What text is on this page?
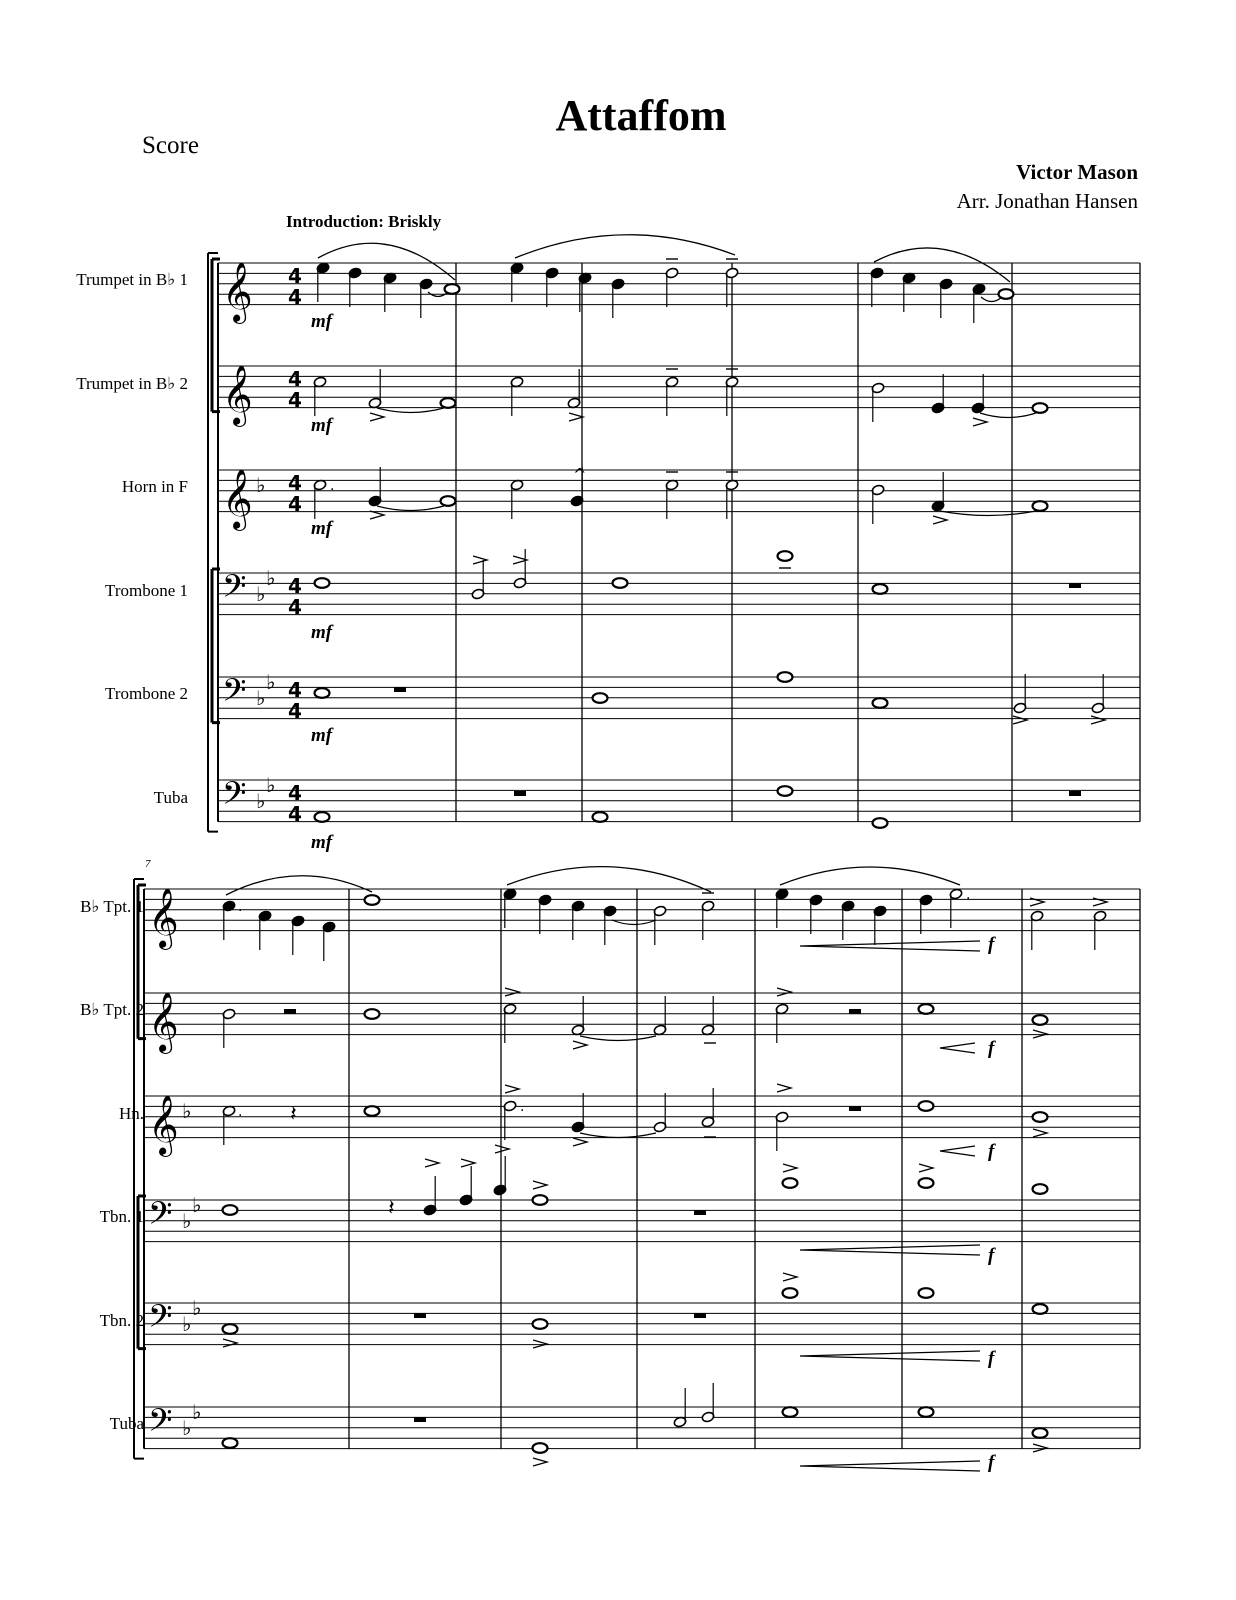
Attaffom
Score
Victor Mason
Arr. Jonathan Hansen
Introduction: Briskly
Trumpet in B♭ 1
Trumpet in B♭ 2
Horn in F
Trombone 1
Trombone 2
Tuba
B♭ Tpt. 1
B♭ Tpt. 2
Hn.
Tbn. 1
Tbn. 2
Tuba
7
mf
mf
mf
mf
mf
mf
f
f
f
f
f
f
𝄞 4
4
𝄞 4
4
𝄞 ♭ 4
4
𝄢 ♭
♭ 4
4
𝄢 ♭
♭ 4
4
𝄢 ♭
♭ 4
4
𝄞
𝄞
𝄞 ♭
𝄢 ♭
♭
𝄢 ♭
♭
𝄢 ♭
♭
.
^
.
.
. 𝄽	.
𝄽
